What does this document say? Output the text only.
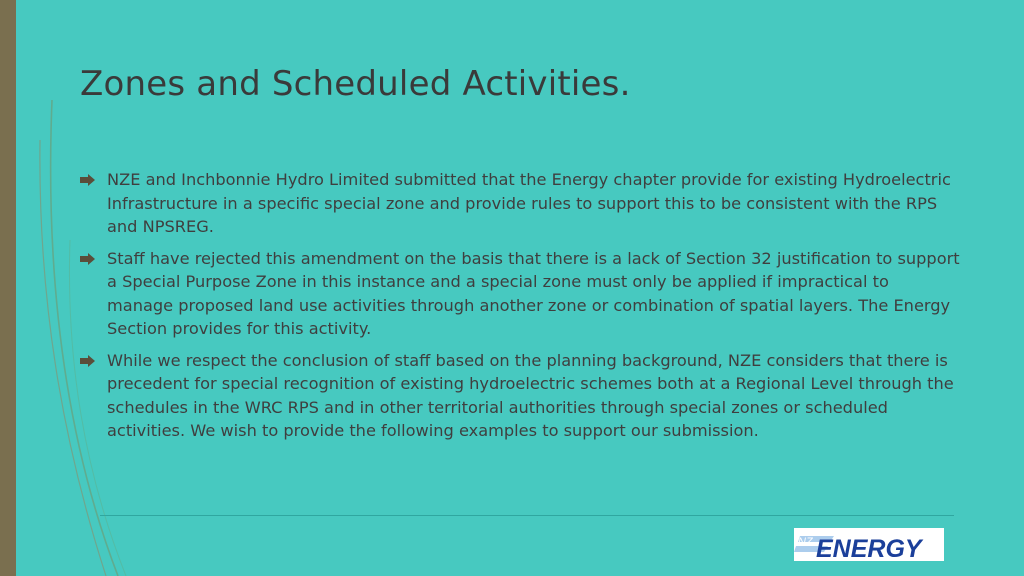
Zones and Scheduled Activities.
NZE and Inchbonnie Hydro Limited submitted that the Energy chapter provide for existing Hydroelectric Infrastructure in a specific special zone and provide rules to support this to be consistent with the RPS and NPSREG.
Staff have rejected this amendment on the basis that there is a lack of Section 32 justification to support a Special Purpose Zone in this instance and a special zone must only be applied if impractical to manage proposed land use activities through another zone or combination of spatial layers. The Energy Section provides for this activity.
While we respect the conclusion of staff based on the planning background, NZE considers that there is precedent for special recognition of existing hydroelectric schemes both at a Regional Level through the schedules in the WRC RPS and in other territorial authorities through special zones or scheduled activities. We wish to provide the following examples to support our submission.
NZ ENERGY
